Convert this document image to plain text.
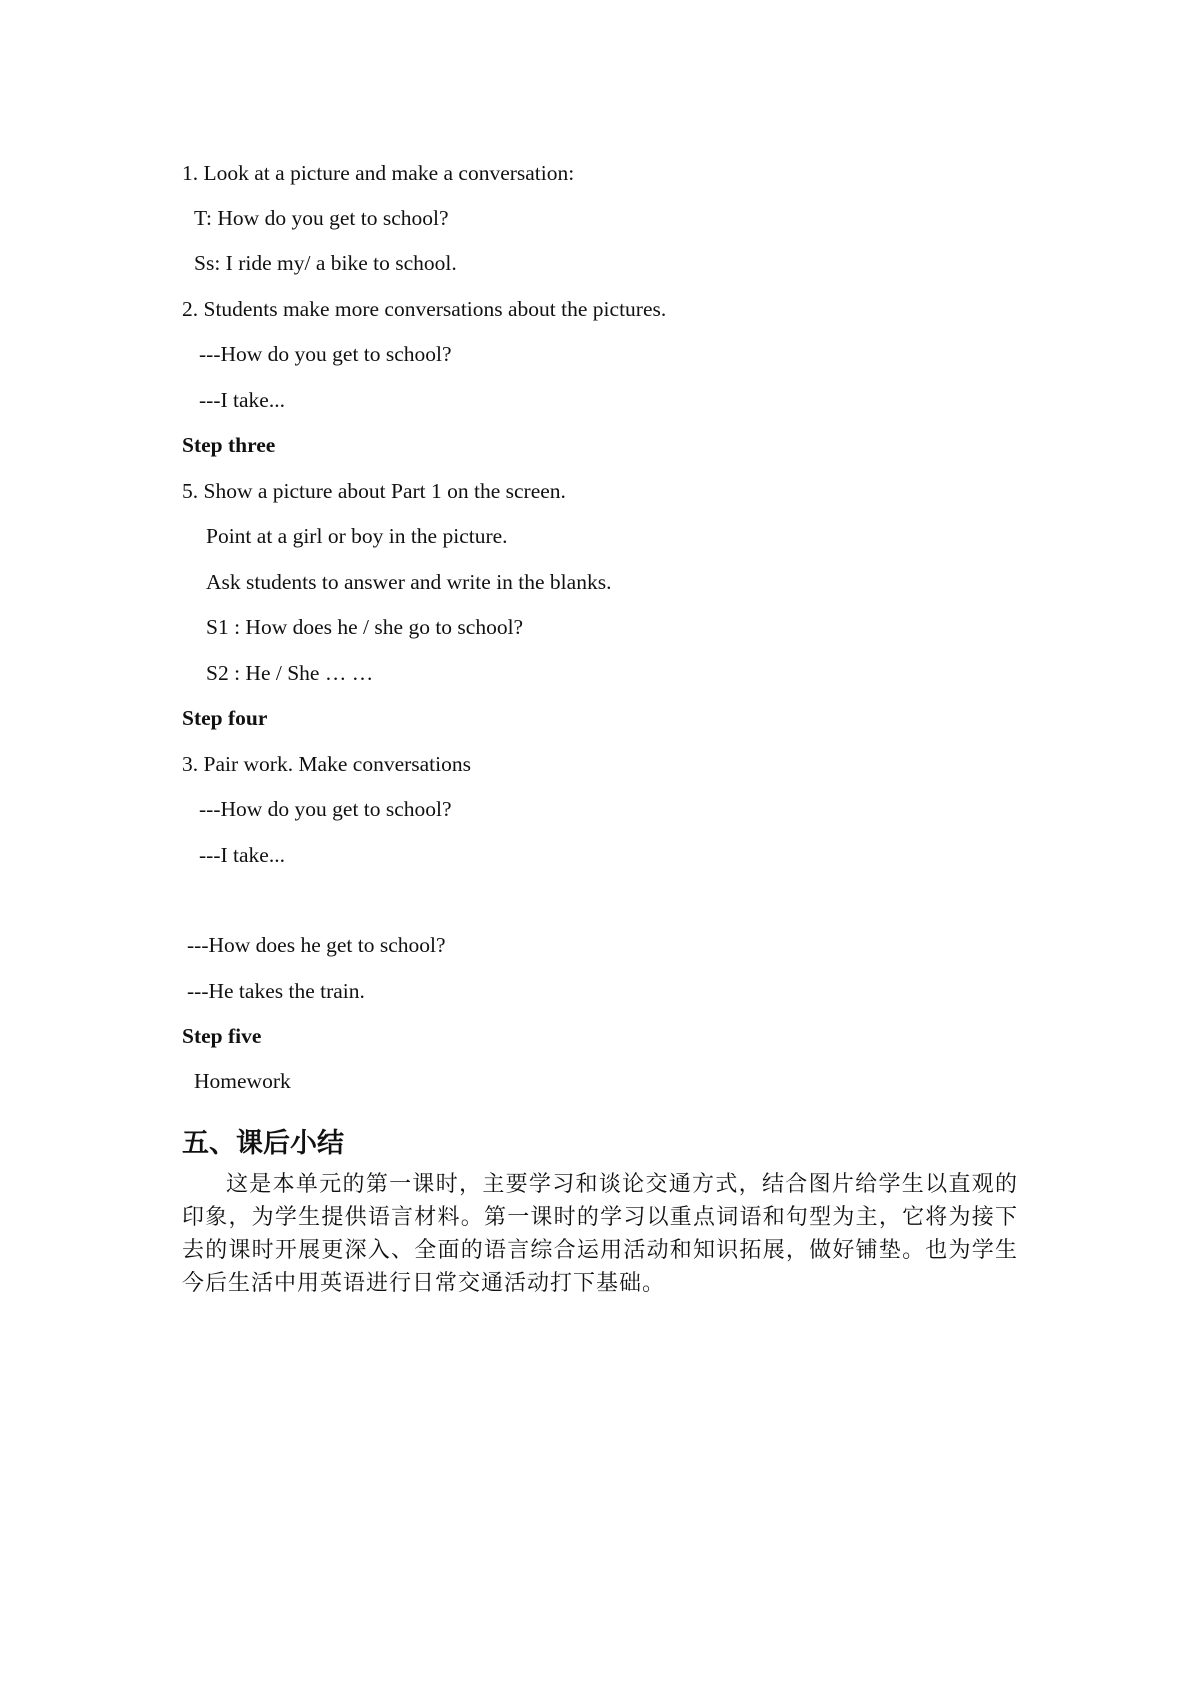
1. Look at a picture and make a conversation:
T: How do you get to school?
Ss: I ride my/ a bike to school.
2. Students make more conversations about the pictures.
---How do you get to school?
---I take...
Step three
5. Show a picture about Part 1 on the screen.
Point at a girl or boy in the picture.
Ask students to answer and write in the blanks.
S1 : How does he / she go to school?
S2 : He / She … …
Step four
3. Pair work. Make conversations
---How do you get to school?
---I take...
---How does he get to school?
---He takes the train.
Step five
Homework
五、课后小结
这是本单元的第一课时，主要学习和谈论交通方式，结合图片给学生以直观的印象，为学生提供语言材料。第一课时的学习以重点词语和句型为主，它将为接下去的课时开展更深入、全面的语言综合运用活动和知识拓展，做好铺垫。也为学生今后生活中用英语进行日常交通活动打下基础。
